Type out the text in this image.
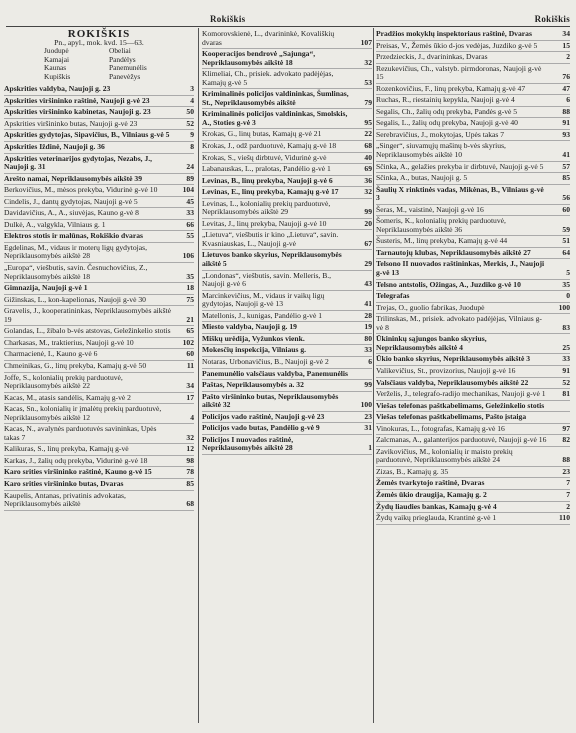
Rokiškis	Rokiškis
ROKIŠKIS
Pn., apyl., mok. kvd. 15—63.
Juodupė	Obeliai
Kamajai	Pandėlys
Kaunas	Panemunėlis
Kupiškis	Panevėžys
Apskrities valdyba, Naujoji g. 23	3
Apskrities viršininko raštinė, Naujoji g-vė 23	4
Apskrities viršininko kabinetas, Naujoji g. 23	50
Apskrities viršininko butas, Naujoji g-vė 23	52
Apskrities gydytojas, Sipavičius, B., Vilniaus g-vė 5	9
Apskrities Iždinė, Naujoji g. 36	8
Apskrities veterinarijos gydytojas, Nezabs, J., Naujoji g. 31	24
Arešto namai, Nepriklausomybės aikštė 39	89
Berkovičius, M., mėsos prekyba, Vidurinė g-vė 10	104
Cindelis, J., dantų gydytojas, Naujoji g-vė 5	45
Davidavičius, A., A., siuvėjas, Kauno g-vė 8	33
Dulkė, A., valgykla, Vilniaus g. 1	66
Elektros stotis ir malūnas, Rokiškio dvaras	55
Egdelinas, M., vidaus ir moterų ligų gydytojas, Nepriklausomybės aikštė 28	106
„Europa“, viešbutis, savin. Česnuchovičius, Z., Nepriklausomybės aikštė 18	35
Gimnazija, Naujoji g-vė 1	18
Gižinskas, L., kon-kapelionas, Naujoji g-vė 30	75
Gravelis, J., kooperatininkas, Nepriklausomybės aikštė 19	21
Golandas, L., žibalo b-vės atstovas, Geležinkelio stotis	65
Charkasas, M., traktierius, Naujoji g-vė 10	102
Charmacienė, I., Kauno g-vė 6	60
Chmeinikas, G., linų prekyba, Kamajų g-vė 50	11
Joffe, S., kolonialių prekių parduotuvė, Nepriklausomybės aikštė 22	34
Kacas, M., atasis sandėlis, Kamajų g-vė 2	17
Kacas, Sn., kolonialių ir įmalėtų prekių parduotuvė, Nepriklausomybės aikštė 12	4
Kacas, N., avalynės parduotuvės savininkas, Upės takas 7	32
Kalikuras, S., linų prekyba, Kamajų g-vė	12
Karkas, J., žalių odų prekyba, Vidurinė g-vė 18	98
Karo srities viršininko raštinė, Kauno g-vė 15	78
Karo srities viršininko butas, Dvaras	85
Kaupelis, Antanas, privatinis advokatas, Nepriklausomybės aikštė	68
Komorovskienė, L., dvarininkė, Kovališkių dvaras	107
Kooperacijos bendrovė „Sajunga“, Nepriklausomybės aikštė 18	32
Klimeliai, Ch., prisiek. advokato padėjėjas, Kamajų g-vė 5	53
Kriminalinės policijos valdininkas, Šumlinas, St., Nepriklausomybės aikštė	79
Kriminalinės policijos valdininkas, Smolskis, A., Stoties g-vė 3	95
Krokas, G., linų butas, Kamajų g-vė 21	22
Krokas, J., odž parduotuvė, Kamajų g-vė 18	68
Krokas, S., viešų dirbtuvė, Vidurinė g-vė	40
Labanauskas, L., pralotas, Pandėlio g-vė 1	69
Levinas, B., linų prekyba, Naujoji g-vė 6	36
Levinas, E., linų prekyba, Kamajų g-vė 17	32
Levinas, L., kolonialių prekių parduotuvė, Nepriklausomybės aikštė 29	99
Levitas, J., linų prekyba, Naujoji g-vė 10	20
„Lietuva“, viešbutis ir kino „Lietuva“, savin. Kvasniauskas, L., Naujoji g-vė	67
Lietuvos banko skyrius, Nepriklausomybės aikštė 5	29
„Londonas“, viešbutis, savin. Melleris, B., Naujoji g-vė 6	43
Marcinkevičius, M., vidaus ir vaikų ligų gydytojas, Naujoji g-vė 13	41
Matellonis, J., kunigas, Pandėlio g-vė 1	28
Miesto valdyba, Naujoji g. 19	19
Miškų urėdija, Vyžunkos vienk.	80
Mokesčių inspekcija, Vilniaus g.	33
Notaras, Urbonavičius, B., Naujoji g-vė 2	6
Panemunėlio valsčiaus valdyba, Panemunėlis
Paštas, Nepriklausomybės a. 32	99
Pašto viršininko butas, Nepriklausomybės aikštė 32	100
Policijos vado raštinė, Naujoji g-vė 23	23
Policijos vado butas, Pandėlio g-vė 9	31
Policijos I nuovados raštinė, Nepriklausomybės aikštė 28	1
Pradžios mokyklų inspektoriaus raštinė, Dvaras	34
Preisas, V., Žemės ūkio d-jos vedėjas, Juzdiko g-vė 5	15
Przedzieckis, J., dvarininkas, Dvaras	2
Rezukevičius, Ch., valstyb. pirmdoronas, Naujoji g-vė 15	76
Rozenkovičius, F., linų prekyba, Kamajų g-vė 47	47
Ruchas, R., riestainių kepykla, Naujoji g-vė 4	6
Segalis, Ch., žalių odų prekyba, Pandės g-vė 5	88
Segalis, L., žalių odų prekyba, Naujoji g-vė 40	91
Serebravičius, J., mokytojas, Upės takas 7	93
„Singer“, siuvamųjų mašinų b-vės skyrius, Nepriklausomybės aikštė 10	41
Sčinka, A., gelažies prekyba ir dirbtuvė, Naujoji g-vė 5	57
Sčinka, A., butas, Naujoji g. 5	85
Šaulių X rinktinės vadas, Mikėnas, B., Vilniaus g-vė 3	56
Šeras, M., vaistinė, Naujoji g-vė 16	60
Šomeris, K., kolonialių prekių parduotuvė, Nepriklausomybės aikštė 36	59
Šusteris, M., linų prekyba, Kamajų g-vė 44	51
Tarnautojų klubas, Nepriklausomybės aikštė 27	64
Telsono II nuovados raštininkas, Merkis, J., Naujoji g-vė 13	5
Telsno antstolis, Ožingas, A., Juzdiko g-vė 10	35
Telegrafas	0
Trejas, O., guolio fabrikas, Juodupė	100
Trilinskas, M., prisiek. advokato padėjėjas, Vilniaus g-vė 8	83
Ūkininkų sąjungos banko skyrius, Nepriklausomybės aikštė 4	25
Ūkio banko skyrius, Nepriklausomybės aikštė 3	33
Valikevičius, St., provizorius, Naujoji g-vė 16	91
Valsčiaus valdyba, Nepriklausomybės aikštė 22	52
Verželis, J., telegrafo-radijo mechanikas, Naujoji g-vė 1	81
Viešas telefonas paštkabelimams, Geležinkelio stotis
Viešas telefonas paštkabelimams, Pašto įstaiga
Vinokuras, L., fotografas, Kamajų g-vė 16	97
Zalcmanas, A., galanterijos parduotuvė, Naujoji g-vė 16	82
Zavikovičius, M., kolonialių ir maisto prekių parduotuvė, Nepriklausomybės aikštė 24	88
Zizas, B., Kamajų g. 35	23
Žemės tvarkytojo raštinė, Dvaras	7
Žemės ūkio draugija, Kamajų g. 2	7
Žydų liaudies bankas, Kamajų g-vė 4	2
Žydų vaikų prieglauda, Krantinė g-vė 1	110
